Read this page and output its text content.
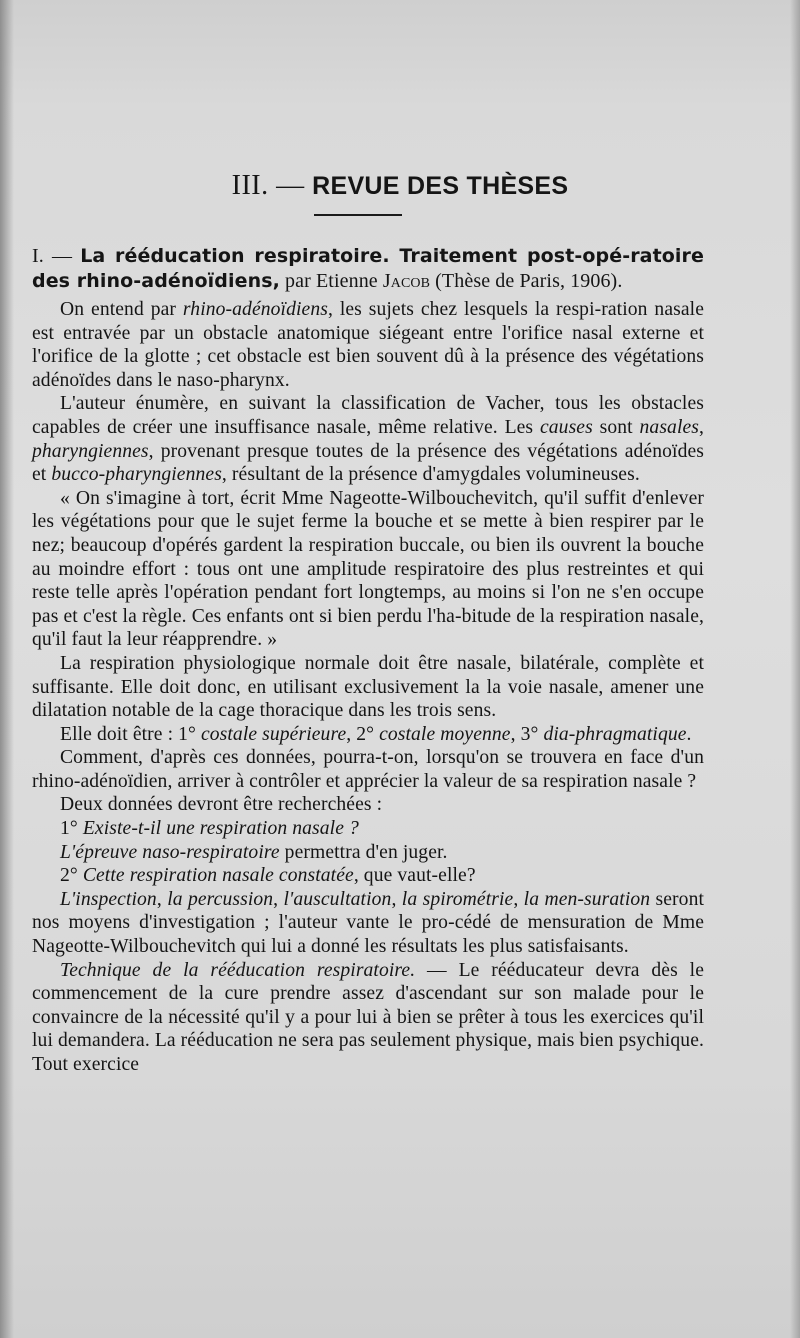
III. — REVUE DES THÈSES

I. — La rééducation respiratoire. Traitement post-opé-ratoire des rhino-adénoïdiens, par Etienne Jacob (Thèse de Paris, 1906).

On entend par rhino-adénoïdiens, les sujets chez lesquels la respi-ration nasale est entravée par un obstacle anatomique siégeant entre l'orifice nasal externe et l'orifice de la glotte ; cet obstacle est bien souvent dû à la présence des végétations adénoïdes dans le naso-pharynx.

L'auteur énumère, en suivant la classification de Vacher, tous les obstacles capables de créer une insuffisance nasale, même relative. Les causes sont nasales, pharyngiennes, provenant presque toutes de la présence des végétations adénoïdes et bucco-pharyngiennes, résultant de la présence d'amygdales volumineuses.

« On s'imagine à tort, écrit Mme Nageotte-Wilbouchevitch, qu'il suffit d'enlever les végétations pour que le sujet ferme la bouche et se mette à bien respirer par le nez; beaucoup d'opérés gardent la respiration buccale, ou bien ils ouvrent la bouche au moindre effort : tous ont une amplitude respiratoire des plus restreintes et qui reste telle après l'opération pendant fort longtemps, au moins si l'on ne s'en occupe pas et c'est la règle. Ces enfants ont si bien perdu l'ha-bitude de la respiration nasale, qu'il faut la leur réapprendre. »

La respiration physiologique normale doit être nasale, bilatérale, complète et suffisante. Elle doit donc, en utilisant exclusivement la la voie nasale, amener une dilatation notable de la cage thoracique dans les trois sens.

Elle doit être : 1° costale supérieure, 2° costale moyenne, 3° dia-phragmatique.

Comment, d'après ces données, pourra-t-on, lorsqu'on se trouvera en face d'un rhino-adénoïdien, arriver à contrôler et apprécier la valeur de sa respiration nasale ?

Deux données devront être recherchées :

1° Existe-t-il une respiration nasale ?

L'épreuve naso-respiratoire permettra d'en juger.

2° Cette respiration nasale constatée, que vaut-elle?

L'inspection, la percussion, l'auscultation, la spirométrie, la men-suration seront nos moyens d'investigation ; l'auteur vante le pro-cédé de mensuration de Mme Nageotte-Wilbouchevitch qui lui a donné les résultats les plus satisfaisants.

Technique de la rééducation respiratoire. — Le rééducateur devra dès le commencement de la cure prendre assez d'ascendant sur son malade pour le convaincre de la nécessité qu'il y a pour lui à bien se prêter à tous les exercices qu'il lui demandera. La rééducation ne sera pas seulement physique, mais bien psychique. Tout exercice
